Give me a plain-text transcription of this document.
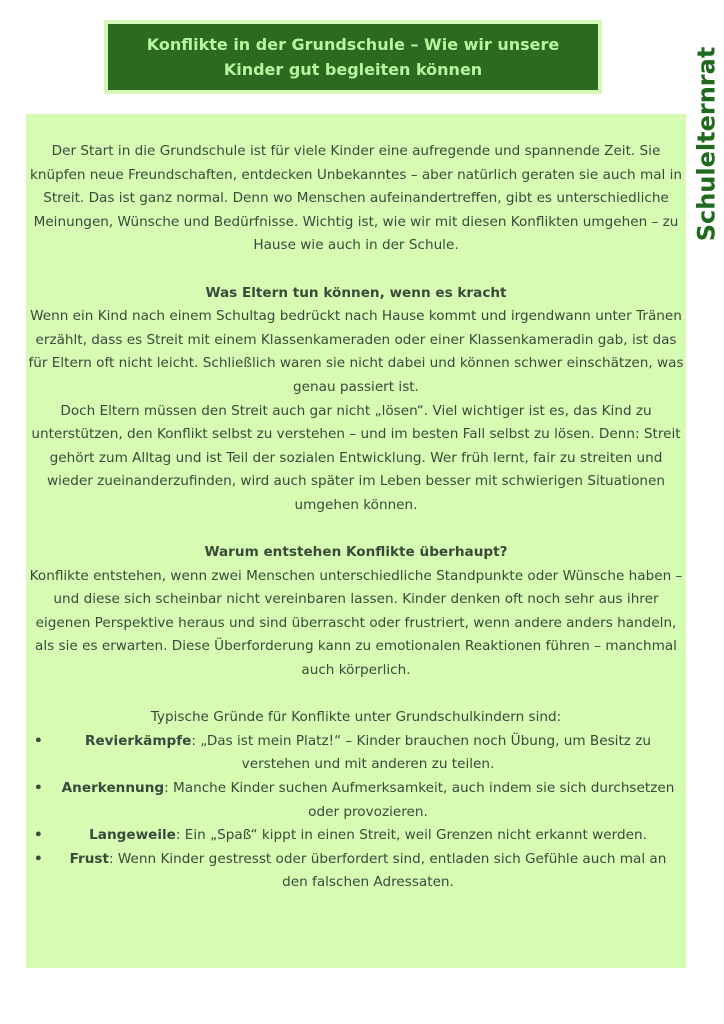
Konflikte in der Grundschule – Wie wir unsere Kinder gut begleiten können	Schulelternrat

Der Start in die Grundschule ist für viele Kinder eine aufregende und spannende Zeit. Sie knüpfen neue Freundschaften, entdecken Unbekanntes – aber natürlich geraten sie auch mal in Streit. Das ist ganz normal. Denn wo Menschen aufeinandertreffen, gibt es unterschiedliche Meinungen, Wünsche und Bedürfnisse. Wichtig ist, wie wir mit diesen Konflikten umgehen – zu Hause wie auch in der Schule.

Was Eltern tun können, wenn es kracht

Wenn ein Kind nach einem Schultag bedrückt nach Hause kommt und irgendwann unter Tränen erzählt, dass es Streit mit einem Klassenkameraden oder einer Klassenkameradin gab, ist das für Eltern oft nicht leicht. Schließlich waren sie nicht dabei und können schwer einschätzen, was genau passiert ist.

Doch Eltern müssen den Streit auch gar nicht „lösen“. Viel wichtiger ist es, das Kind zu unterstützen, den Konflikt selbst zu verstehen – und im besten Fall selbst zu lösen. Denn: Streit gehört zum Alltag und ist Teil der sozialen Entwicklung. Wer früh lernt, fair zu streiten und wieder zueinanderzufinden, wird auch später im Leben besser mit schwierigen Situationen umgehen können.

Warum entstehen Konflikte überhaupt?

Konflikte entstehen, wenn zwei Menschen unterschiedliche Standpunkte oder Wünsche haben – und diese sich scheinbar nicht vereinbaren lassen. Kinder denken oft noch sehr aus ihrer eigenen Perspektive heraus und sind überrascht oder frustriert, wenn andere anders handeln, als sie es erwarten. Diese Überforderung kann zu emotionalen Reaktionen führen – manchmal auch körperlich.

Typische Gründe für Konflikte unter Grundschulkindern sind:

•	Revierkämpfe: „Das ist mein Platz!“ – Kinder brauchen noch Übung, um Besitz zu verstehen und mit anderen zu teilen.
• Anerkennung: Manche Kinder suchen Aufmerksamkeit, auch indem sie sich durchsetzen oder provozieren.
•	Langeweile: Ein „Spaß“ kippt in einen Streit, weil Grenzen nicht erkannt werden.
• Frust: Wenn Kinder gestresst oder überfordert sind, entladen sich Gefühle auch mal an den falschen Adressaten.
